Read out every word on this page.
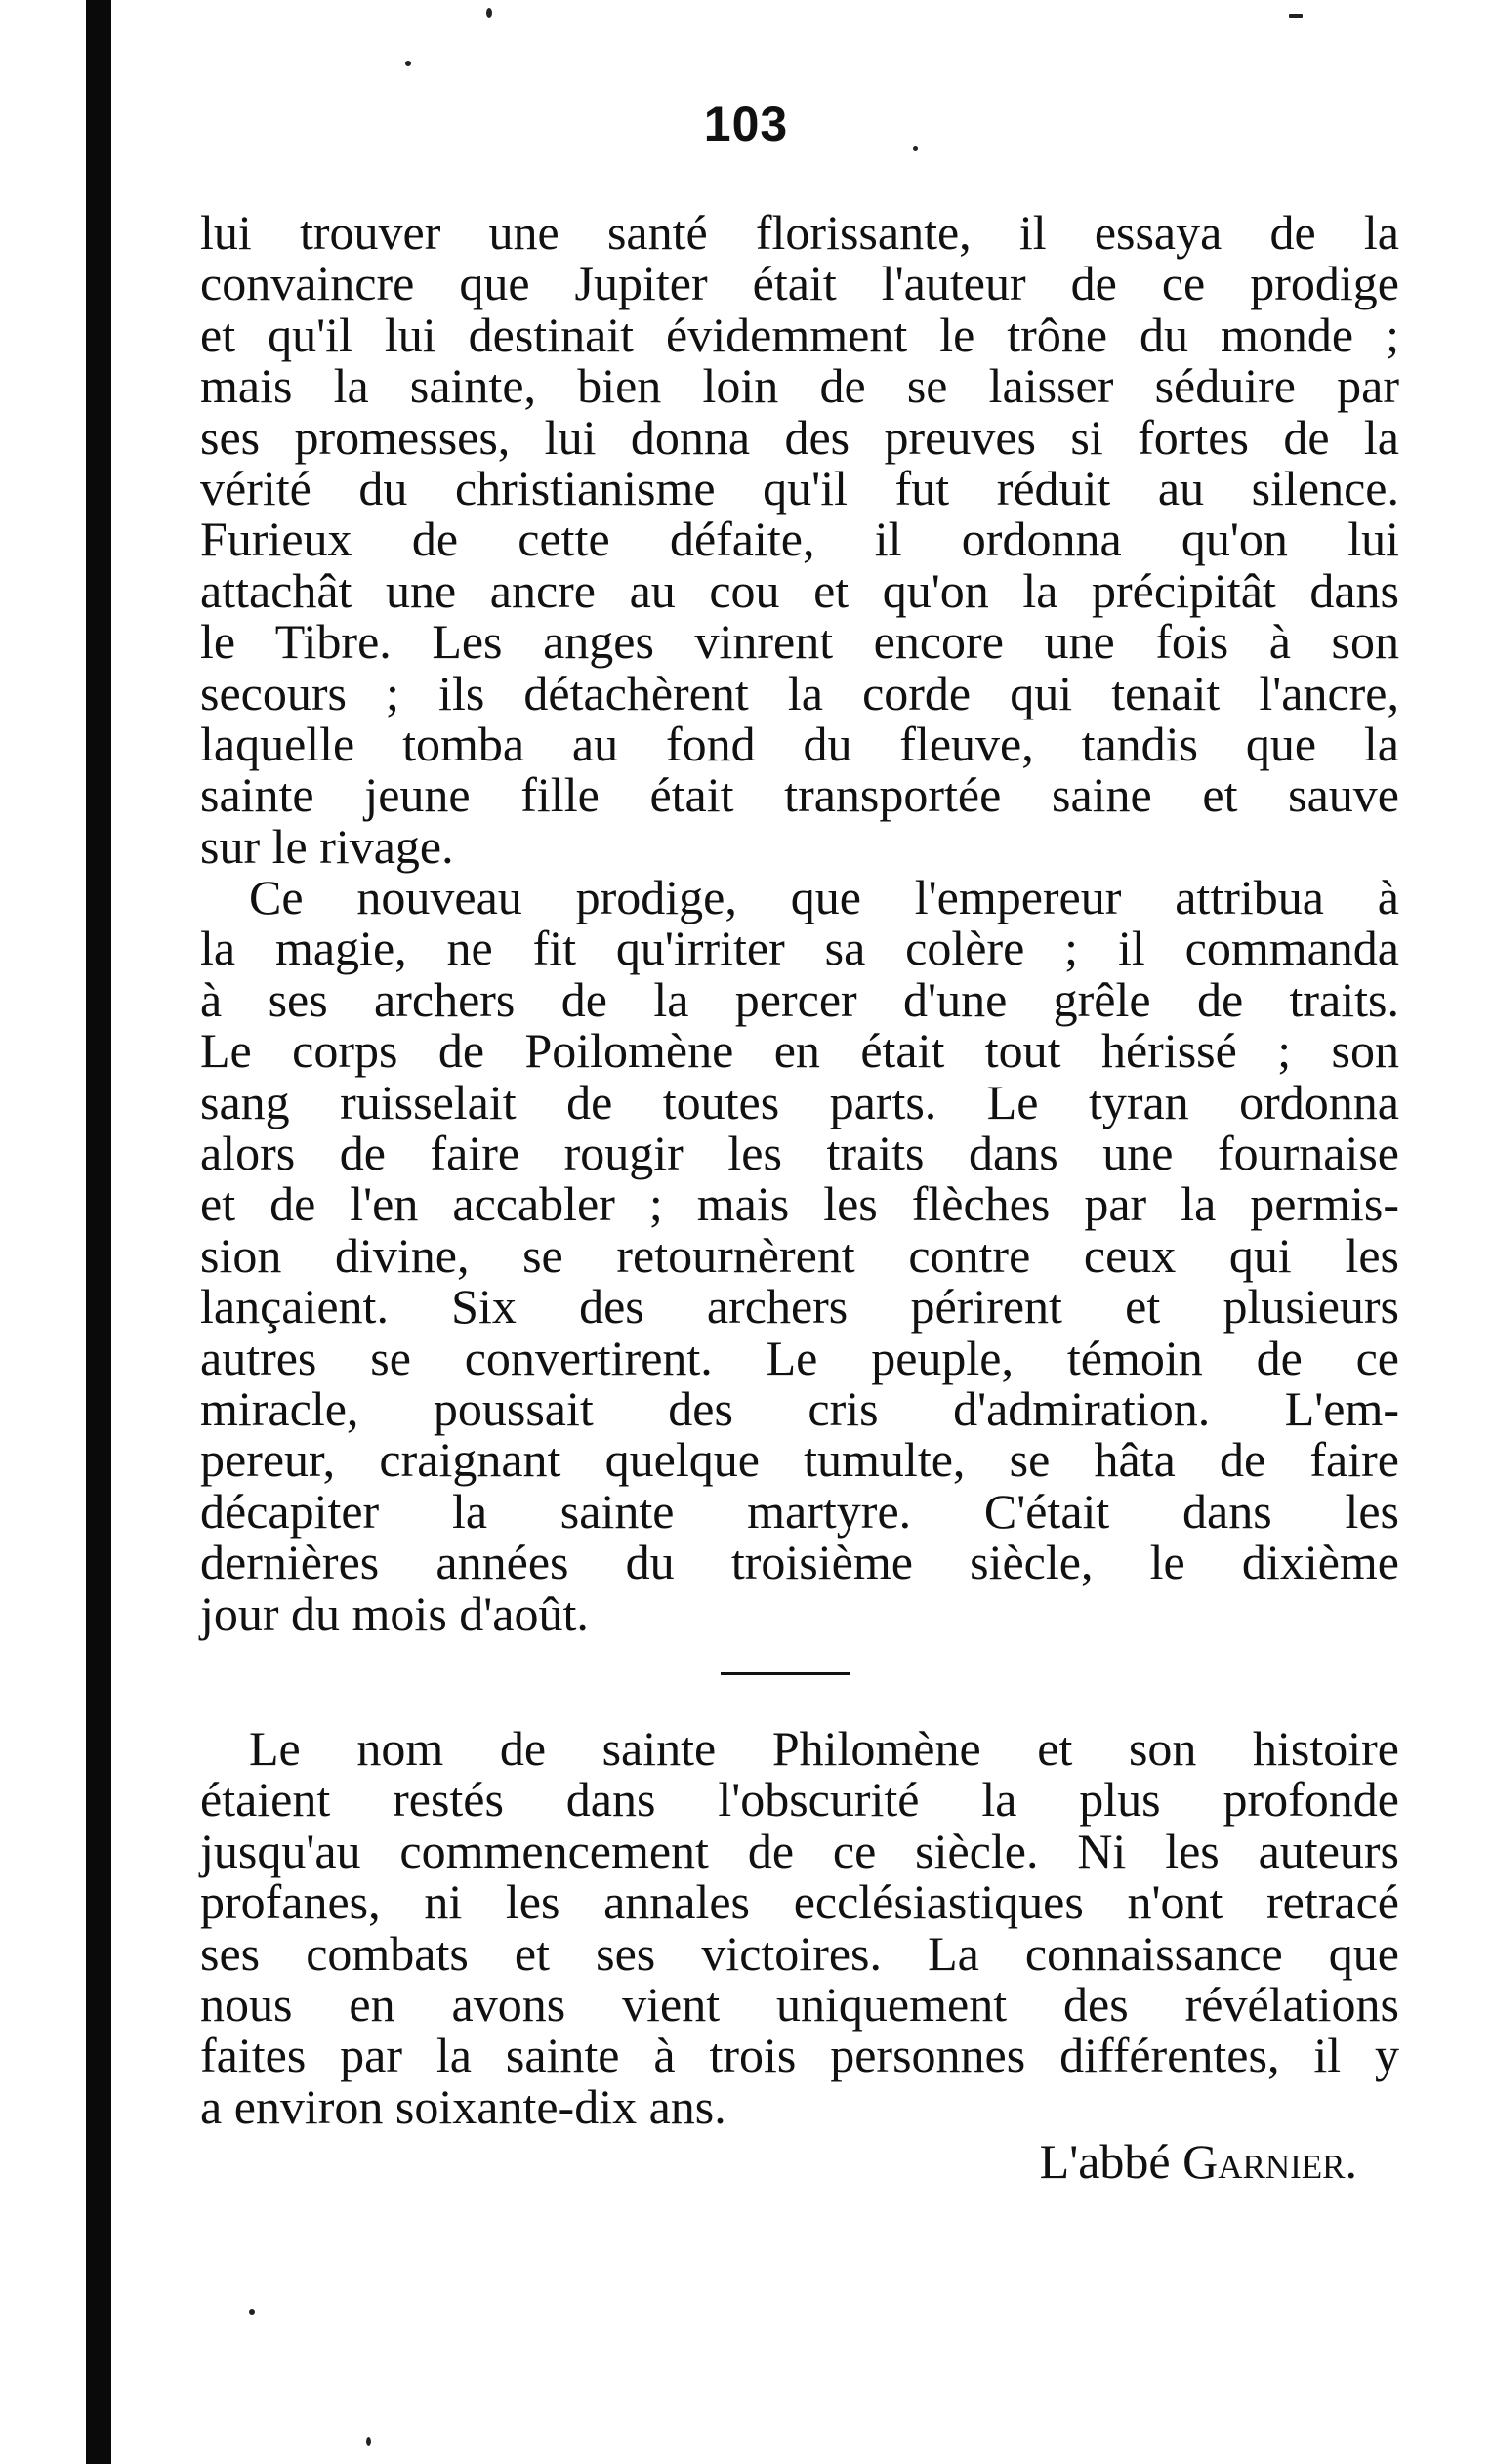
103
lui trouver une santé florissante, il essaya de la
convaincre que Jupiter était l'auteur de ce prodige
et qu'il lui destinait évidemment le trône du monde ;
mais la sainte, bien loin de se laisser séduire par
ses promesses, lui donna des preuves si fortes de la
vérité du christianisme qu'il fut réduit au silence.
Furieux de cette défaite, il ordonna qu'on lui
attachât une ancre au cou et qu'on la précipitât dans
le Tibre. Les anges vinrent encore une fois à son
secours ; ils détachèrent la corde qui tenait l'ancre,
laquelle tomba au fond du fleuve, tandis que la
sainte jeune fille était transportée saine et sauve
sur le rivage.
Ce nouveau prodige, que l'empereur attribua à
la magie, ne fit qu'irriter sa colère ; il commanda
à ses archers de la percer d'une grêle de traits.
Le corps de Poilomène en était tout hérissé ; son
sang ruisselait de toutes parts. Le tyran ordonna
alors de faire rougir les traits dans une fournaise
et de l'en accabler ; mais les flèches par la permis-
sion divine, se retournèrent contre ceux qui les
lançaient. Six des archers périrent et plusieurs
autres se convertirent. Le peuple, témoin de ce
miracle, poussait des cris d'admiration. L'em-
pereur, craignant quelque tumulte, se hâta de faire
décapiter la sainte martyre. C'était dans les
dernières années du troisième siècle, le dixième
jour du mois d'août.
Le nom de sainte Philomène et son histoire
étaient restés dans l'obscurité la plus profonde
jusqu'au commencement de ce siècle. Ni les auteurs
profanes, ni les annales ecclésiastiques n'ont retracé
ses combats et ses victoires. La connaissance que
nous en avons vient uniquement des révélations
faites par la sainte à trois personnes différentes, il y
a environ soixante-dix ans.
L'abbé Garnier.
